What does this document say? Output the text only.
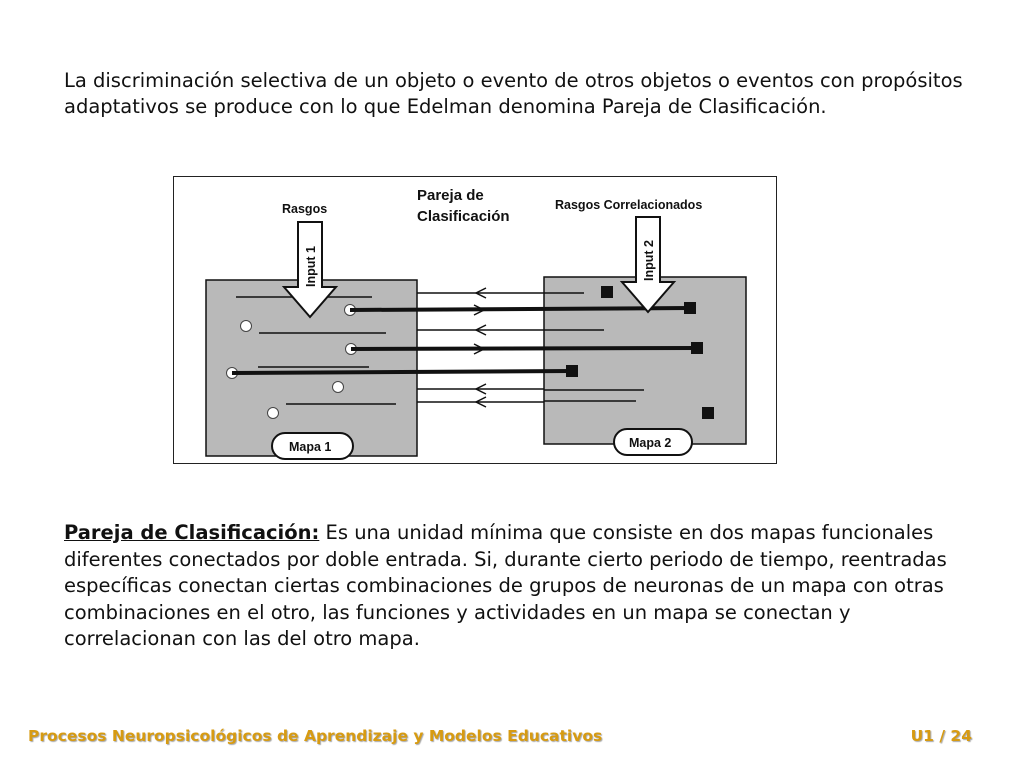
La discriminación selectiva de un objeto o evento de otros objetos o eventos con propósitos adaptativos se produce con lo que Edelman denomina Pareja de Clasificación.

Input 1	Input 2
Rasgos	Rasgos Correlacionados
Pareja de
Clasificación
Mapa 1	Mapa 2

Pareja de Clasificación: Es una unidad mínima que consiste en dos mapas funcionales diferentes conectados por doble entrada. Si, durante cierto periodo de tiempo, reentradas específicas conectan ciertas combinaciones de grupos de neuronas de un mapa con otras combinaciones en el otro, las funciones y actividades en un mapa se conectan y correlacionan con las del otro mapa.

Procesos Neuropsicológicos de Aprendizaje y Modelos Educativos	U1 / 24
